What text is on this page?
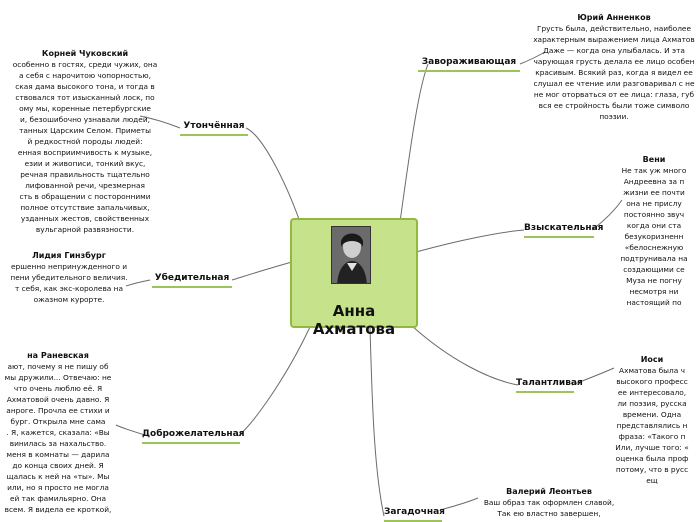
Анна Ахматова
Утончённая
Убедительная
Доброжелательная
Завораживающая
Взыскательная
Талантливая
Загадочная
Корней Чуковский
особенно в гостях, среди чужих, она
а себя с нарочитою чопорностью,
ская дама высокого тона, и тогда в
ствовался тот изысканный лоск, по
ому мы, коренные петербургские
и, безошибочно узнавали людей,
танных Царским Селом. Приметы
й редкостной породы людей:
енная восприимчивость к музыке,
езии и живописи, тонкий вкус,
речная правильность тщательно
лифованной речи, чрезмерная
сть в обращении с посторонними
полное отсутствие запальчивых,
узданных жестов, свойственных
вульгарной развязности.
Лидия Гинзбург
ершенно непринужденного и
пени убедительного величия.
т себя, как экс-королева на
ожазном курорте.
на Раневская
ают, почему я не пишу об
мы дружили... Отвечаю: не
что очень люблю её. Я
Ахматовой очень давно. Я
анроге. Прочла ее стихи и
бург. Открыла мне сама
. Я, кажется, сказала: «Вы
винилась за нахальство.
меня в комнаты — дарила
до конца своих дней. Я
щалась к ней на «ты». Мы
или, но я просто не могла
ей так фамильярно. Она
всем. Я видела ее кроткой,
Юрий Анненков
Грусть была, действительно, наиболее
характерным выражением лица Ахматов
Даже — когда она улыбалась. И эта
чарующая грусть делала ее лицо особен
красивым. Всякий раз, когда я видел ее
слушал ее чтение или разговаривал с не
не мог оторваться от ее лица: глаза, губ
вся ее стройность были тоже символо
поэзии.
Вени
Не так уж много
Андреевна за п
жизни ее почти
она не прислу
постоянно звуч
когда они ста
безукоризненн
«белоснежную
подтрунивала на
создающими се
Муза не погну
несмотря ни
настоящий по
Иоси
Ахматова была ч
высокого професс
ее интересовало,
ли поэзия, русска
времени. Одна
представлялись н
фраза: «Такого п
Или, лучше того: «
оценка была проф
потому, что в русс
ещ
Валерий Леонтьев
Ваш образ так оформлен славой,
Так ею властно завершен,
